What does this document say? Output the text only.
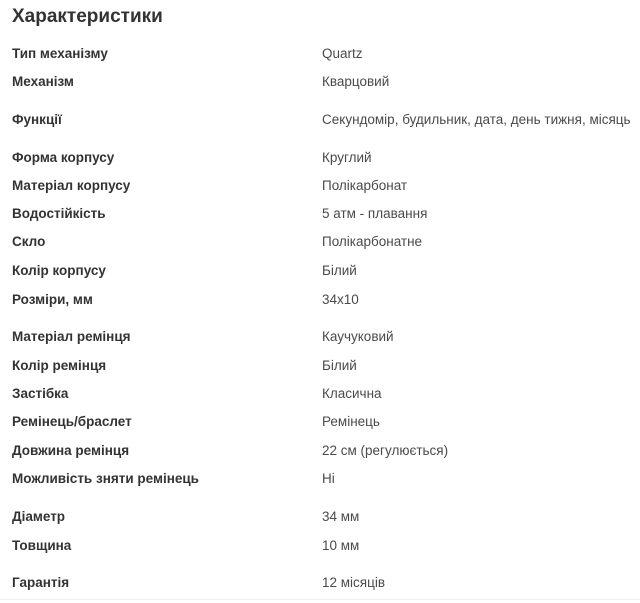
Характеристики
Тип механізму	Quartz
Механізм	Кварцовий
Функції	Секундомір, будильник, дата, день тижня, місяць
Форма корпусу	Круглий
Матеріал корпусу	Полікарбонат
Водостійкість	5 атм - плавання
Скло	Полікарбонатне
Колір корпусу	Білий
Розміри, мм	34x10
Матеріал ремінця	Каучуковий
Колір ремінця	Білий
Застібка	Класична
Ремінець/браслет	Ремінець
Довжина ремінця	22 см (регулюється)
Можливість зняти ремінець	Ні
Діаметр	34 мм
Товщина	10 мм
Гарантія	12 місяців
